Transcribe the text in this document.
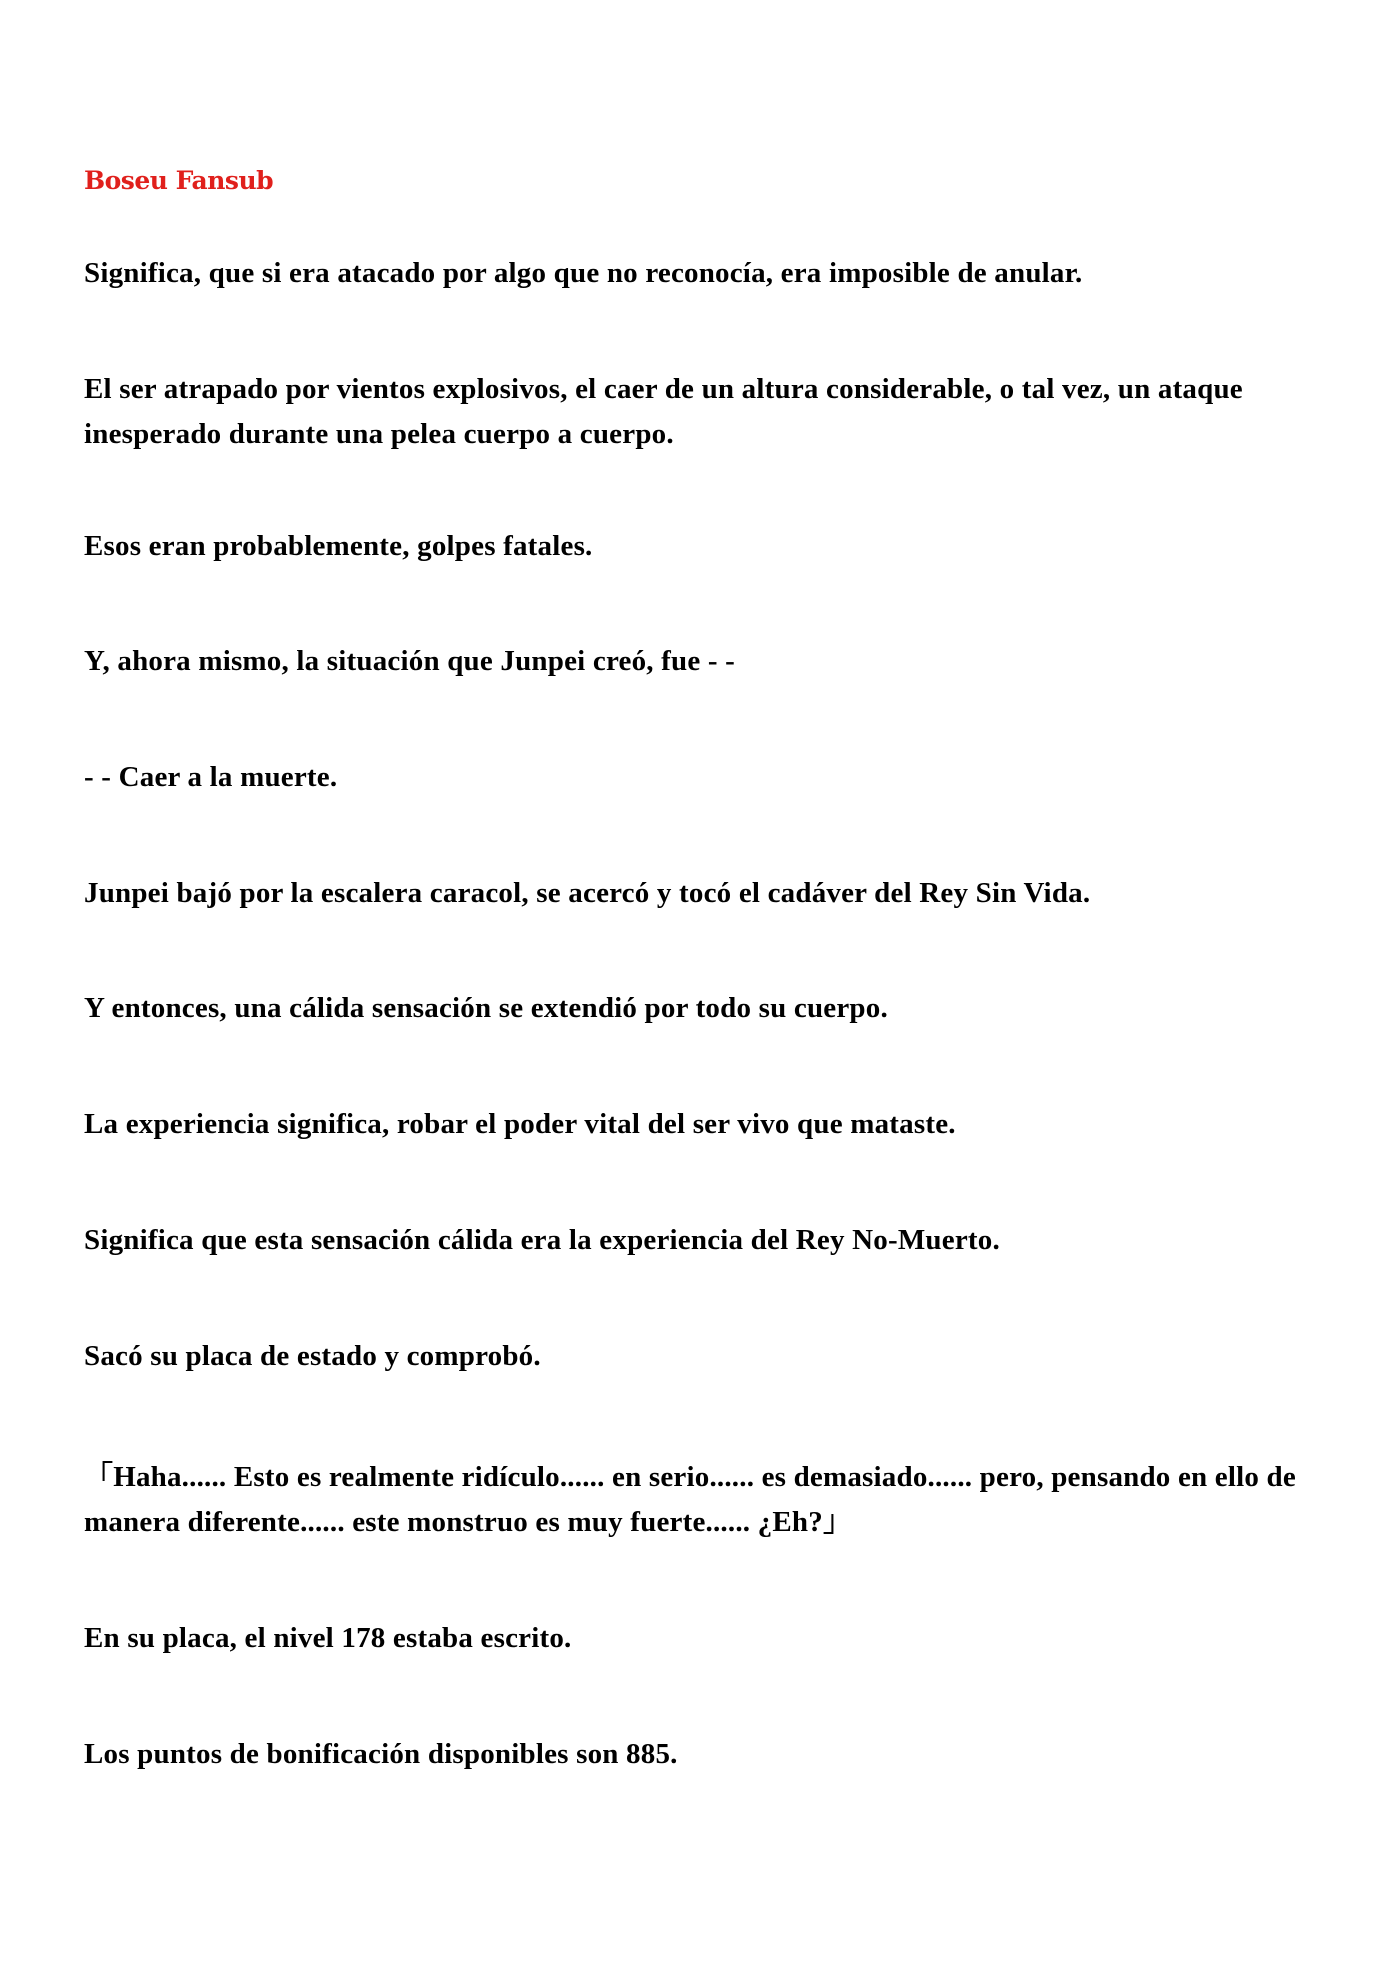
Boseu Fansub

Significa, que si era atacado por algo que no reconocía, era imposible de anular.

El ser atrapado por vientos explosivos, el caer de un altura considerable, o tal vez, un ataque inesperado durante una pelea cuerpo a cuerpo.

Esos eran probablemente, golpes fatales.

Y, ahora mismo, la situación que Junpei creó, fue - -

- - Caer a la muerte.

Junpei bajó por la escalera caracol, se acercó y tocó el cadáver del Rey Sin Vida.

Y entonces, una cálida sensación se extendió por todo su cuerpo.

La experiencia significa, robar el poder vital del ser vivo que mataste.

Significa que esta sensación cálida era la experiencia del Rey No-Muerto.

Sacó su placa de estado y comprobó.

「Haha...... Esto es realmente ridículo...... en serio...... es demasiado...... pero, pensando en ello de manera diferente...... este monstruo es muy fuerte...... ¿Eh?」

En su placa, el nivel 178 estaba escrito.

Los puntos de bonificación disponibles son 885.
